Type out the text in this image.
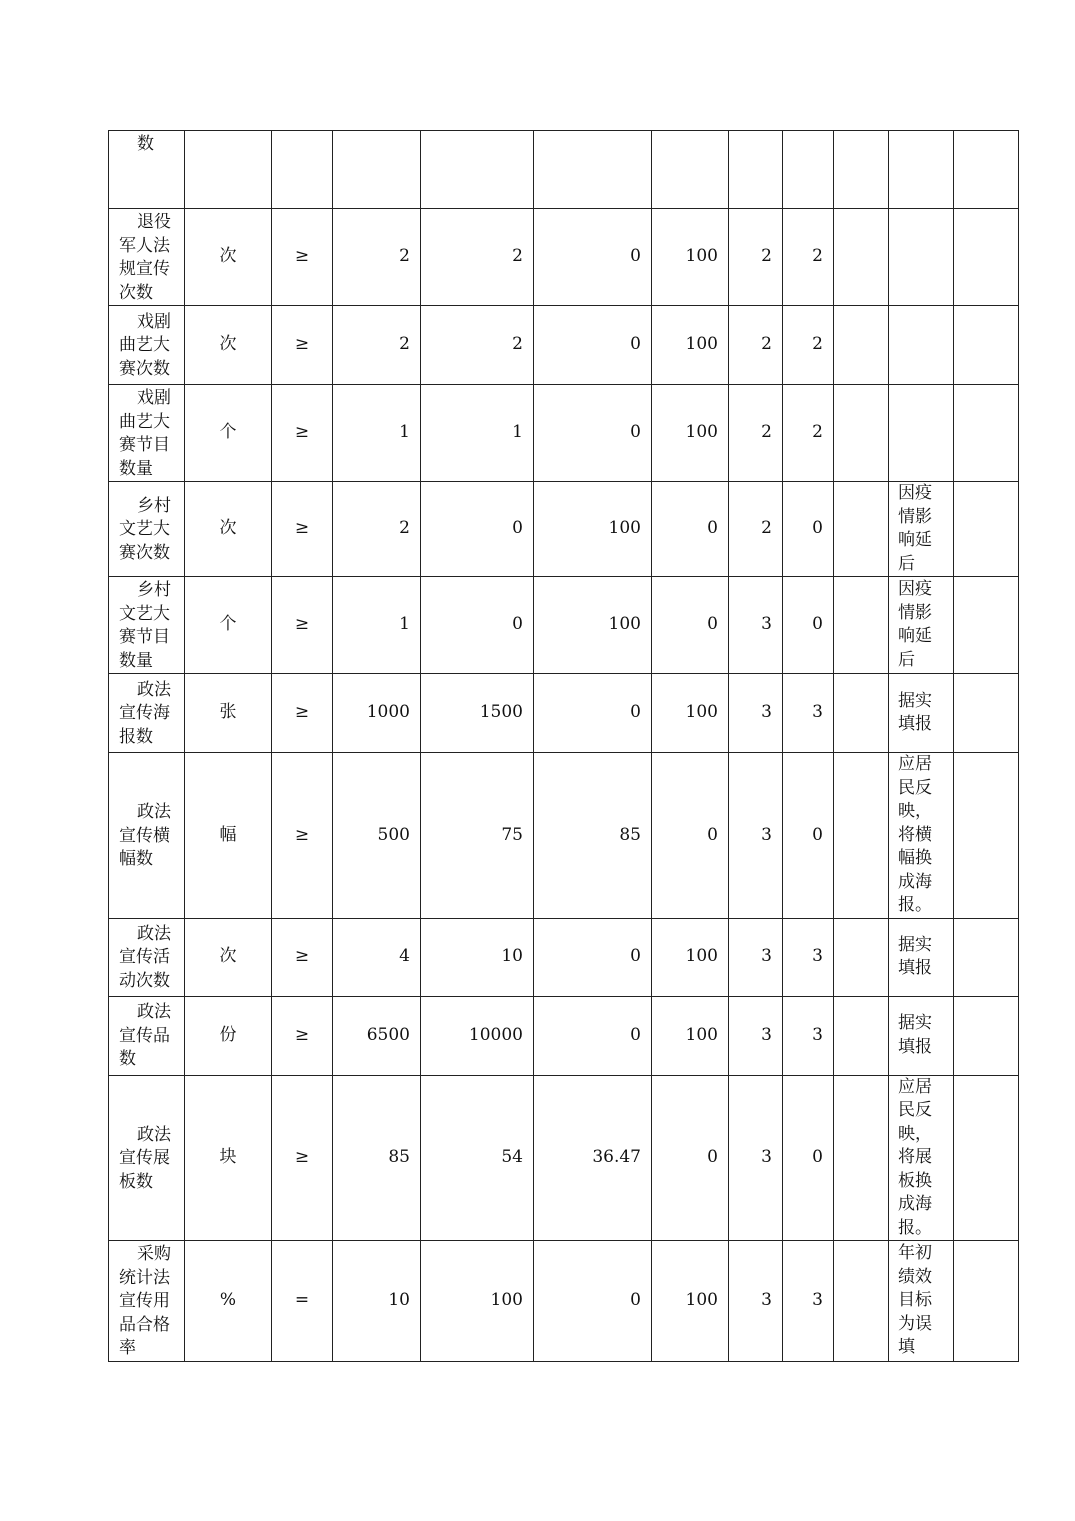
数											
退役军人法规宣传次数	次	≥	2	2	0	100	2	2			
戏剧曲艺大赛次数	次	≥	2	2	0	100	2	2			
戏剧曲艺大赛节目数量	个	≥	1	1	0	100	2	2			
乡村文艺大赛次数	次	≥	2	0	100	0	2	0		因疫情影响延后	
乡村文艺大赛节目数量	个	≥	1	0	100	0	3	0		因疫情影响延后	
政法宣传海报数	张	≥	1000	1500	0	100	3	3		据实填报	
政法宣传横幅数	幅	≥	500	75	85	0	3	0		应居民反映，将横幅换成海报。	
政法宣传活动次数	次	≥	4	10	0	100	3	3		据实填报	
政法宣传品数	份	≥	6500	10000	0	100	3	3		据实填报	
政法宣传展板数	块	≥	85	54	36.47	0	3	0		应居民反映，将展板换成海报。	
采购统计法宣传用品合格率	%	=	10	100	0	100	3	3		年初绩效目标为误填	
